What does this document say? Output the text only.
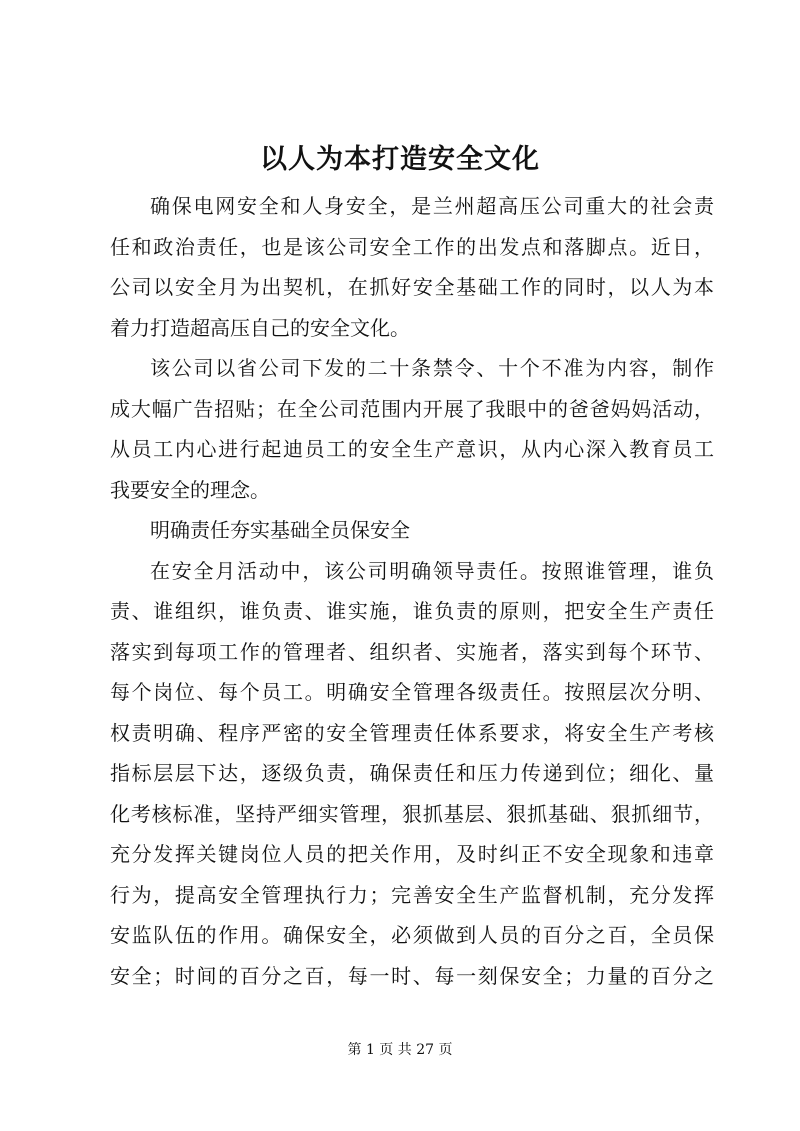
以人为本打造安全文化
确保电网安全和人身安全，是兰州超高压公司重大的社会责
任和政治责任，也是该公司安全工作的出发点和落脚点。近日，
公司以安全月为出契机，在抓好安全基础工作的同时，以人为本
着力打造超高压自己的安全文化。
该公司以省公司下发的二十条禁令、十个不准为内容，制作
成大幅广告招贴；在全公司范围内开展了我眼中的爸爸妈妈活动，
从员工内心进行起迪员工的安全生产意识，从内心深入教育员工
我要安全的理念。
明确责任夯实基础全员保安全
在安全月活动中，该公司明确领导责任。按照谁管理，谁负
责、谁组织，谁负责、谁实施，谁负责的原则，把安全生产责任
落实到每项工作的管理者、组织者、实施者，落实到每个环节、
每个岗位、每个员工。明确安全管理各级责任。按照层次分明、
权责明确、程序严密的安全管理责任体系要求，将安全生产考核
指标层层下达，逐级负责，确保责任和压力传递到位；细化、量
化考核标准，坚持严细实管理，狠抓基层、狠抓基础、狠抓细节，
充分发挥关键岗位人员的把关作用，及时纠正不安全现象和违章
行为，提高安全管理执行力；完善安全生产监督机制，充分发挥
安监队伍的作用。确保安全，必须做到人员的百分之百，全员保
安全；时间的百分之百，每一时、每一刻保安全；力量的百分之
第 1 页 共 27 页
